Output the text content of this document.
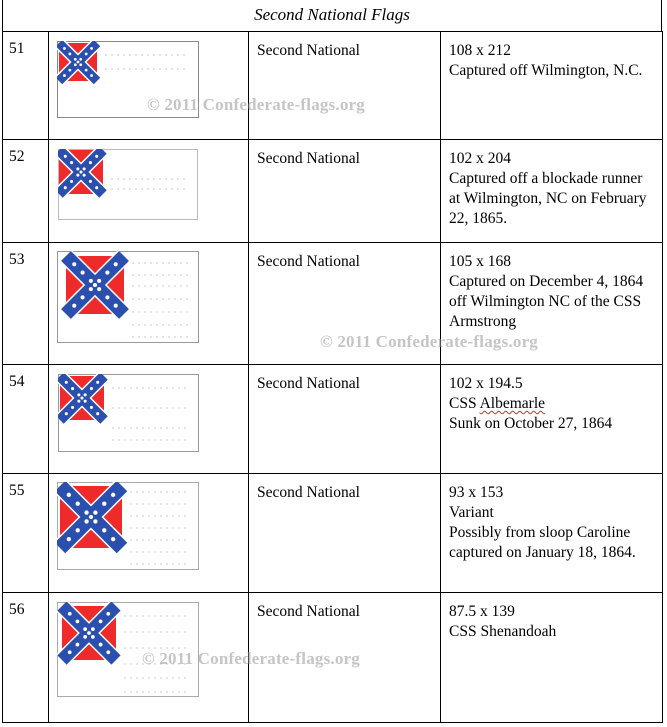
Second National Flags
51		Second National	108 x 212
Captured off Wilmington, N.C.

52		Second National	102 x 204
Captured off a blockade runner
at Wilmington, NC on February
22, 1865.

53		Second National	105 x 168
Captured on December 4, 1864
off Wilmington NC of the CSS
Armstrong

54		Second National	102 x 194.5
CSS Albemarle
Sunk on October 27, 1864

55		Second National	93 x 153
Variant
Possibly from sloop Caroline
captured on January 18, 1864.

56		Second National	87.5 x 139
CSS Shenandoah
© 2011 Confederate-flags.org
© 2011 Confederate-flags.org
© 2011 Confederate-flags.org
